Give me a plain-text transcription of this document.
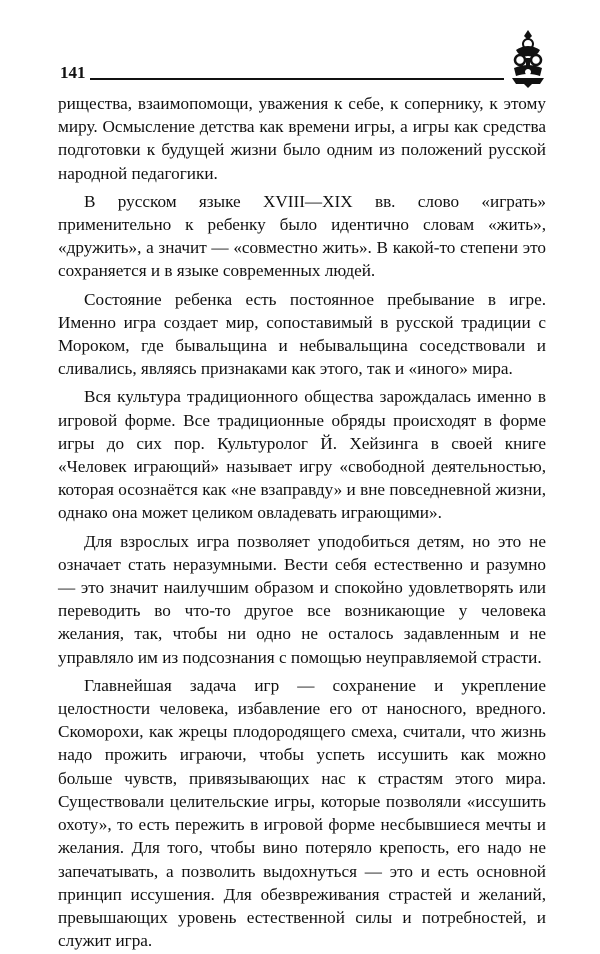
141

рищества, взаимопомощи, уважения к себе, к сопернику, к этому миру. Осмысление детства как времени игры, а игры как средства подготовки к будущей жизни было одним из положений русской народной педагогики.

В русском языке XVIII—XIX вв. слово «играть» применительно к ребенку было идентично словам «жить», «дружить», а значит — «совместно жить». В какой-то степени это сохраняется и в языке современных людей.

Состояние ребенка есть постоянное пребывание в игре. Именно игра создает мир, сопоставимый в русской традиции с Мороком, где бывальщина и небывальщина соседствовали и сливались, являясь признаками как этого, так и «иного» мира.

Вся культура традиционного общества зарождалась именно в игровой форме. Все традиционные обряды происходят в форме игры до сих пор. Культуролог Й. Хейзинга в своей книге «Человек играющий» называет игру «свободной деятельностью, которая осознаётся как «не взаправду» и вне повседневной жизни, однако она может целиком овладевать играющими».

Для взрослых игра позволяет уподобиться детям, но это не означает стать неразумными. Вести себя естественно и разумно — это значит наилучшим образом и спокойно удовлетворять или переводить во что-то другое все возникающие у человека желания, так, чтобы ни одно не осталось задавленным и не управляло им из подсознания с помощью неуправляемой страсти.

Главнейшая задача игр — сохранение и укрепление целостности человека, избавление его от наносного, вредного. Скоморохи, как жрецы плодородящего смеха, считали, что жизнь надо прожить играючи, чтобы успеть иссушить как можно больше чувств, привязывающих нас к страстям этого мира. Существовали целительские игры, которые позволяли «иссушить охоту», то есть пережить в игровой форме несбывшиеся мечты и желания. Для того, чтобы вино потеряло крепость, его надо не запечатывать, а позволить выдохнуться — это и есть основной принцип иссушения. Для обезвреживания страстей и желаний, превышающих уровень естественной силы и потребностей, и служит игра.
